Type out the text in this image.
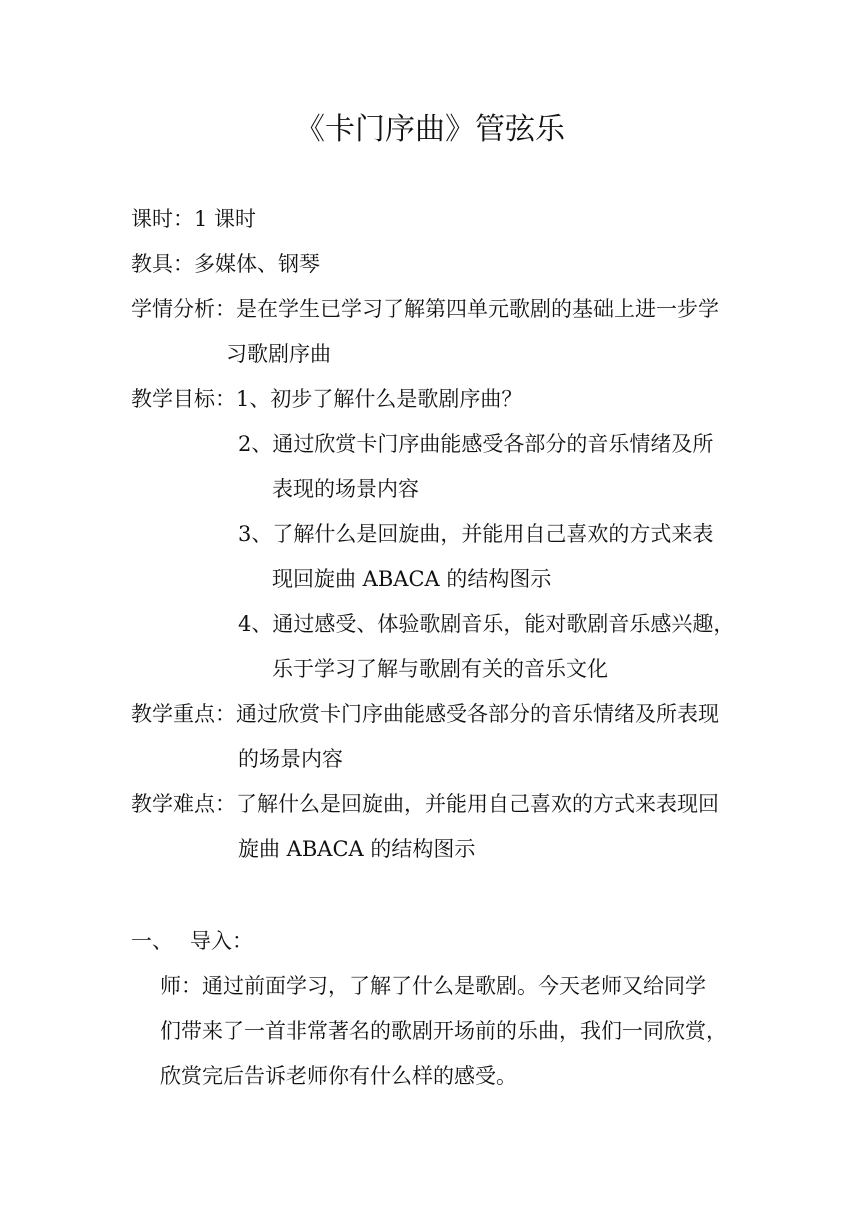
《卡门序曲》管弦乐
课时：1 课时
教具：多媒体、钢琴
学情分析：是在学生已学习了解第四单元歌剧的基础上进一步学
习歌剧序曲
教学目标：1、初步了解什么是歌剧序曲？
2、通过欣赏卡门序曲能感受各部分的音乐情绪及所
表现的场景内容
3、了解什么是回旋曲，并能用自己喜欢的方式来表
现回旋曲 ABACA 的结构图示
4、通过感受、体验歌剧音乐，能对歌剧音乐感兴趣，
乐于学习了解与歌剧有关的音乐文化
教学重点：通过欣赏卡门序曲能感受各部分的音乐情绪及所表现
的场景内容
教学难点：了解什么是回旋曲，并能用自己喜欢的方式来表现回
旋曲 ABACA 的结构图示
一、 导入：
师：通过前面学习，了解了什么是歌剧。今天老师又给同学
们带来了一首非常著名的歌剧开场前的乐曲，我们一同欣赏，
欣赏完后告诉老师你有什么样的感受。
